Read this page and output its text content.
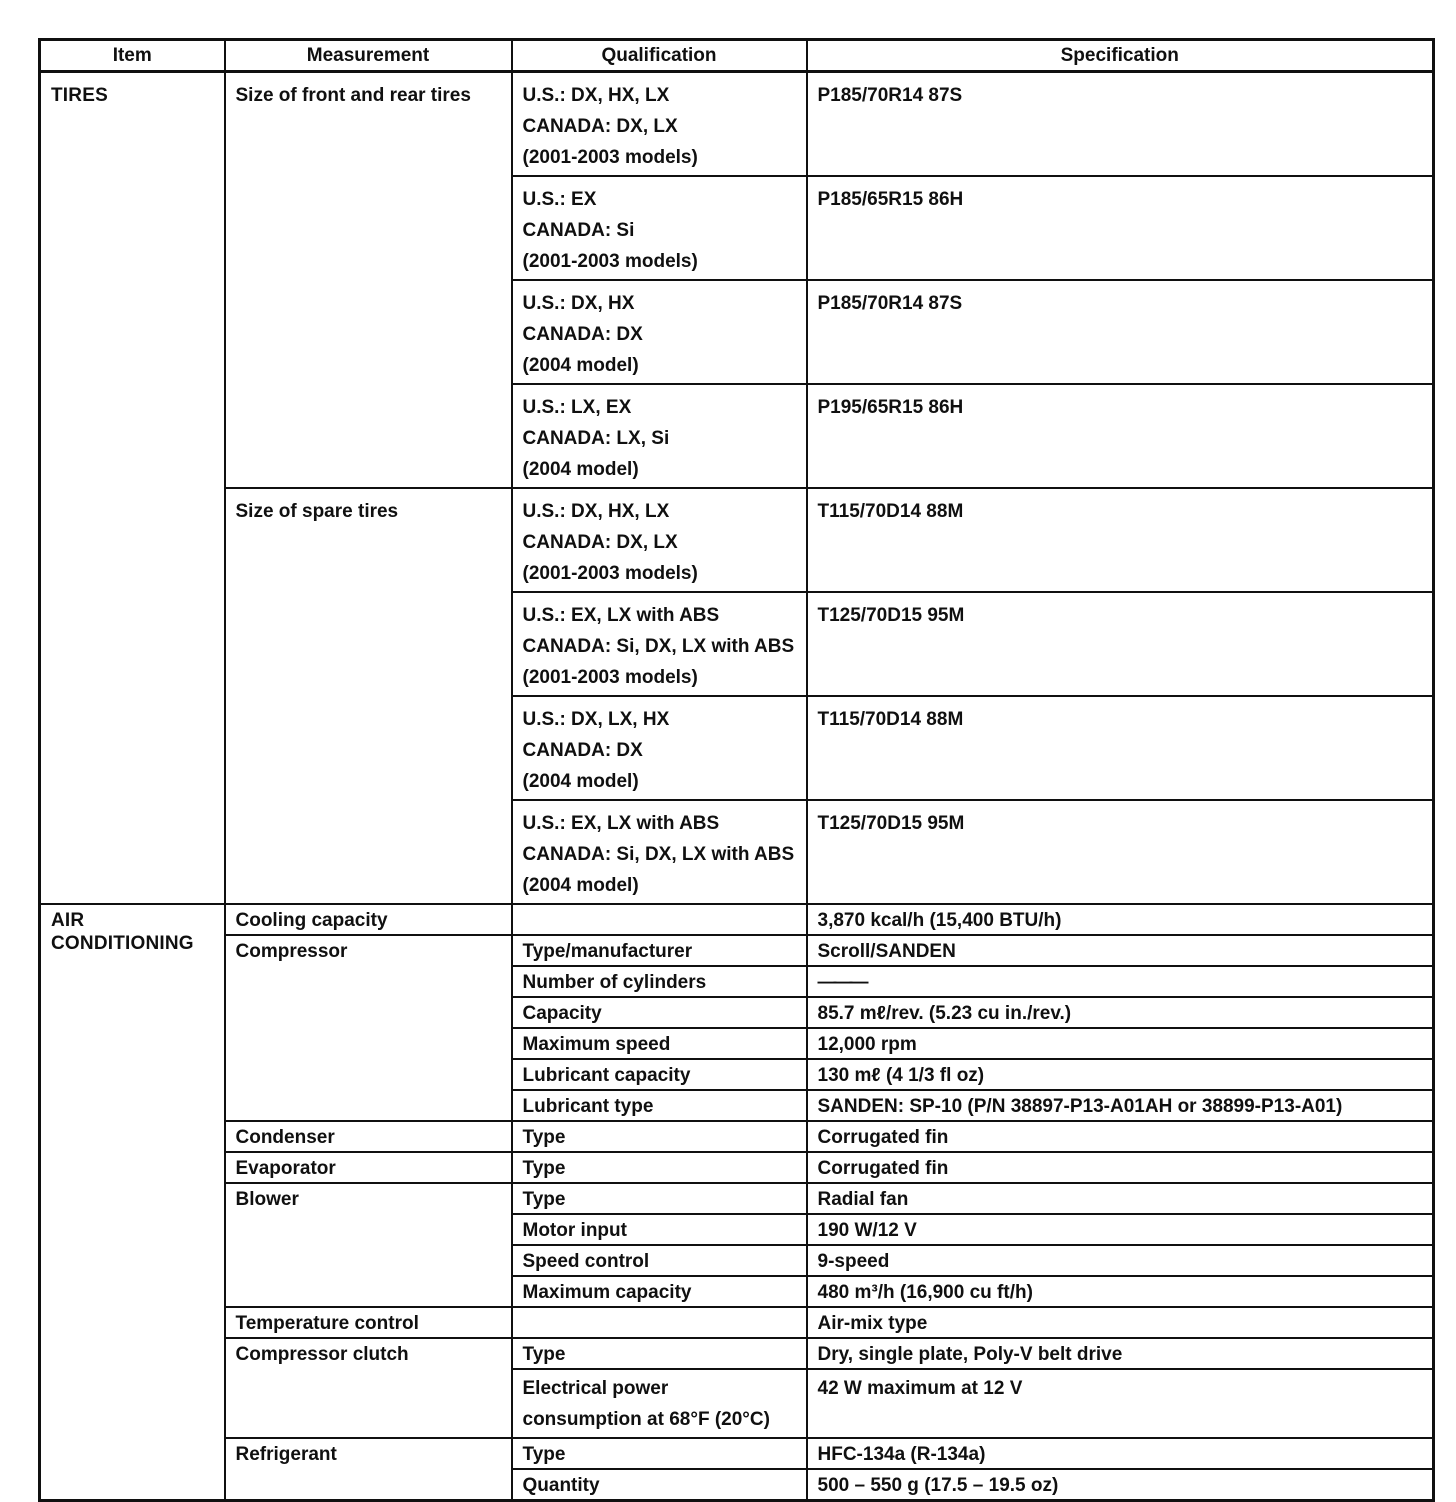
Item	Measurement	Qualification	Specification
TIRES	Size of front and rear tires	U.S.: DX, HX, LX
CANADA: DX, LX
(2001-2003 models)	P185/70R14 87S

		U.S.: EX
CANADA: Si
(2001-2003 models)	P185/65R15 86H

		U.S.: DX, HX
CANADA: DX
(2004 model)	P185/70R14 87S

		U.S.: LX, EX
CANADA: LX, Si
(2004 model)	P195/65R15 86H
	Size of spare tires	U.S.: DX, HX, LX
CANADA: DX, LX
(2001-2003 models)	T115/70D14 88M

		U.S.: EX, LX with ABS
CANADA: Si, DX, LX with ABS
(2001-2003 models)	T125/70D15 95M

		U.S.: DX, LX, HX
CANADA: DX
(2004 model)	T115/70D14 88M

		U.S.: EX, LX with ABS
CANADA: Si, DX, LX with ABS
(2004 model)	T125/70D15 95M
AIR CONDITIONING	Cooling capacity		3,870 kcal/h (15,400 BTU/h)
	Compressor	Type/manufacturer	Scroll/SANDEN
		Number of cylinders	———
		Capacity	85.7 mℓ/rev. (5.23 cu in./rev.)
		Maximum speed	12,000 rpm
		Lubricant capacity	130 mℓ (4 1/3 fl oz)
		Lubricant type	SANDEN: SP-10 (P/N 38897-P13-A01AH or 38899-P13-A01)
	Condenser	Type	Corrugated fin
	Evaporator	Type	Corrugated fin
	Blower	Type	Radial fan
		Motor input	190 W/12 V
		Speed control	9-speed
		Maximum capacity	480 m³/h (16,900 cu ft/h)
	Temperature control		Air-mix type
	Compressor clutch	Type	Dry, single plate, Poly-V belt drive

		Electrical power
consumption at 68°F (20°C)	42 W maximum at 12 V
	Refrigerant	Type	HFC-134a (R-134a)
		Quantity	500 – 550 g (17.5 – 19.5 oz)
